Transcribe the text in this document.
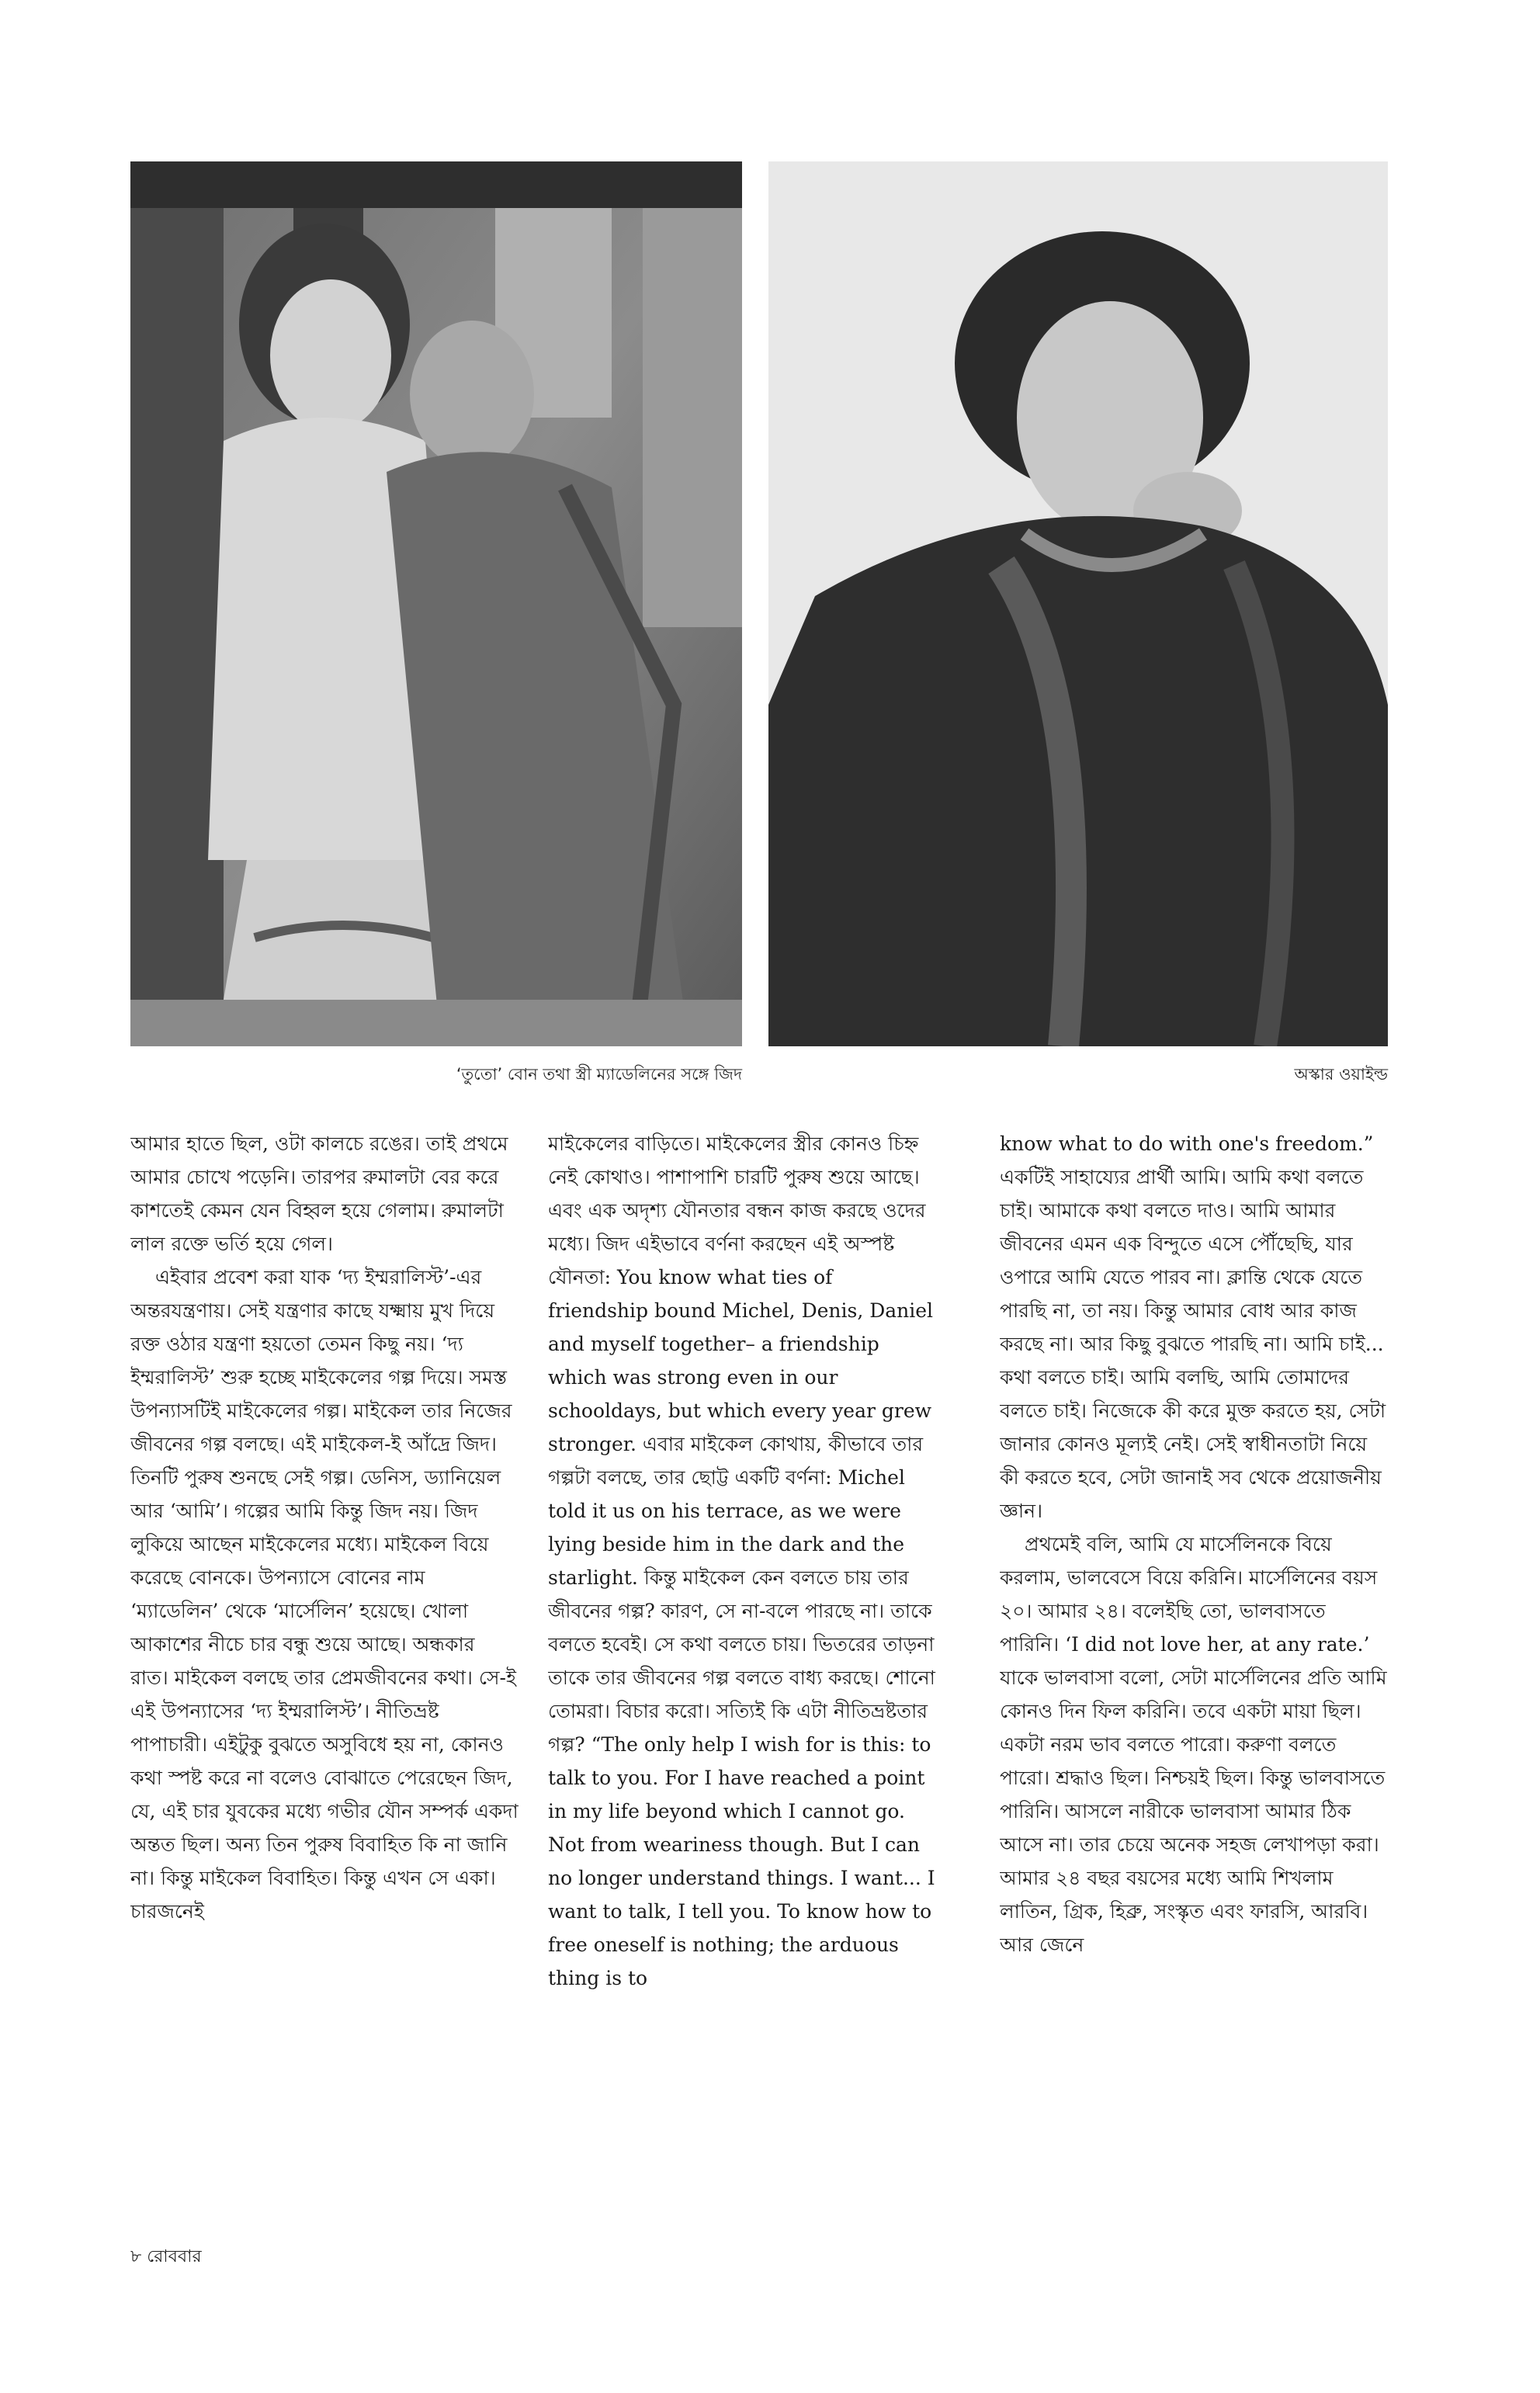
‘তুতো’ বোন তথা স্ত্রী ম্যাডেলিনের সঙ্গে জিদ	অস্কার ওয়াইল্ড

আমার হাতে ছিল, ওটা কালচে রঙের। তাই প্রথমে আমার চোখে পড়েনি। তারপর রুমালটা বের করে কাশতেই কেমন যেন বিহ্বল হয়ে গেলাম। রুমালটা লাল রক্তে ভর্তি হয়ে গেল।

এইবার প্রবেশ করা যাক ‘দ্য ইম্মরালিস্ট’-এর অন্তরযন্ত্রণায়। সেই যন্ত্রণার কাছে যক্ষ্মায় মুখ দিয়ে রক্ত ওঠার যন্ত্রণা হয়তো তেমন কিছু নয়। ‘দ্য ইম্মরালিস্ট’ শুরু হচ্ছে মাইকেলের গল্প দিয়ে। সমস্ত উপন্যাসটিই মাইকেলের গল্প। মাইকেল তার নিজের জীবনের গল্প বলছে। এই মাইকেল-ই আঁদ্রে জিদ। তিনটি পুরুষ শুনছে সেই গল্প। ডেনিস, ড্যানিয়েল আর ‘আমি’। গল্পের আমি কিন্তু জিদ নয়। জিদ লুকিয়ে আছেন মাইকেলের মধ্যে। মাইকেল বিয়ে করেছে বোনকে। উপন্যাসে বোনের নাম ‘ম্যাডেলিন’ থেকে ‘মার্সেলিন’ হয়েছে। খোলা আকাশের নীচে চার বন্ধু শুয়ে আছে। অন্ধকার রাত। মাইকেল বলছে তার প্রেমজীবনের কথা। সে-ই এই উপন্যাসের ‘দ্য ইম্মরালিস্ট’। নীতিভ্রষ্ট পাপাচারী। এইটুকু বুঝতে অসুবিধে হয় না, কোনও কথা স্পষ্ট করে না বলেও বোঝাতে পেরেছেন জিদ, যে, এই চার যুবকের মধ্যে গভীর যৌন সম্পর্ক একদা অন্তত ছিল। অন্য তিন পুরুষ বিবাহিত কি না জানি না। কিন্তু মাইকেল বিবাহিত। কিন্তু এখন সে একা। চারজনেই

মাইকেলের বাড়িতে। মাইকেলের স্ত্রীর কোনও চিহ্ন নেই কোথাও। পাশাপাশি চারটি পুরুষ শুয়ে আছে। এবং এক অদৃশ্য যৌনতার বন্ধন কাজ করছে ওদের মধ্যে। জিদ এইভাবে বর্ণনা করছেন এই অস্পষ্ট যৌনতা: You know what ties of friendship bound Michel, Denis, Daniel and myself together– a friendship which was strong even in our schooldays, but which every year grew stronger. এবার মাইকেল কোথায়, কীভাবে তার গল্পটা বলছে, তার ছোট্ট একটি বর্ণনা: Michel told it us on his terrace, as we were lying beside him in the dark and the starlight. কিন্তু মাইকেল কেন বলতে চায় তার জীবনের গল্প? কারণ, সে না-বলে পারছে না। তাকে বলতে হবেই। সে কথা বলতে চায়। ভিতরের তাড়না তাকে তার জীবনের গল্প বলতে বাধ্য করছে। শোনো তোমরা। বিচার করো। সত্যিই কি এটা নীতিভ্রষ্টতার গল্প? “The only help I wish for is this: to talk to you. For I have reached a point in my life beyond which I cannot go. Not from weariness though. But I can no longer understand things. I want... I want to talk, I tell you. To know how to free oneself is nothing; the arduous thing is to

know what to do with one's freedom.” একটিই সাহায্যের প্রার্থী আমি। আমি কথা বলতে চাই। আমাকে কথা বলতে দাও। আমি আমার জীবনের এমন এক বিন্দুতে এসে পৌঁছেছি, যার ওপারে আমি যেতে পারব না। ক্লান্তি থেকে যেতে পারছি না, তা নয়। কিন্তু আমার বোধ আর কাজ করছে না। আর কিছু বুঝতে পারছি না। আমি চাই... কথা বলতে চাই। আমি বলছি, আমি তোমাদের বলতে চাই। নিজেকে কী করে মুক্ত করতে হয়, সেটা জানার কোনও মূল্যই নেই। সেই স্বাধীনতাটা নিয়ে কী করতে হবে, সেটা জানাই সব থেকে প্রয়োজনীয় জ্ঞান।

প্রথমেই বলি, আমি যে মার্সেলিনকে বিয়ে করলাম, ভালবেসে বিয়ে করিনি। মার্সেলিনের বয়স ২০। আমার ২৪। বলেইছি তো, ভালবাসতে পারিনি। ‘I did not love her, at any rate.’ যাকে ভালবাসা বলো, সেটা মার্সেলিনের প্রতি আমি কোনও দিন ফিল করিনি। তবে একটা মায়া ছিল। একটা নরম ভাব বলতে পারো। করুণা বলতে পারো। শ্রদ্ধাও ছিল। নিশ্চয়ই ছিল। কিন্তু ভালবাসতে পারিনি। আসলে নারীকে ভালবাসা আমার ঠিক আসে না। তার চেয়ে অনেক সহজ লেখাপড়া করা। আমার ২৪ বছর বয়সের মধ্যে আমি শিখলাম লাতিন, গ্রিক, হিব্রু, সংস্কৃত এবং ফারসি, আরবি। আর জেনে

৮ রোববার
